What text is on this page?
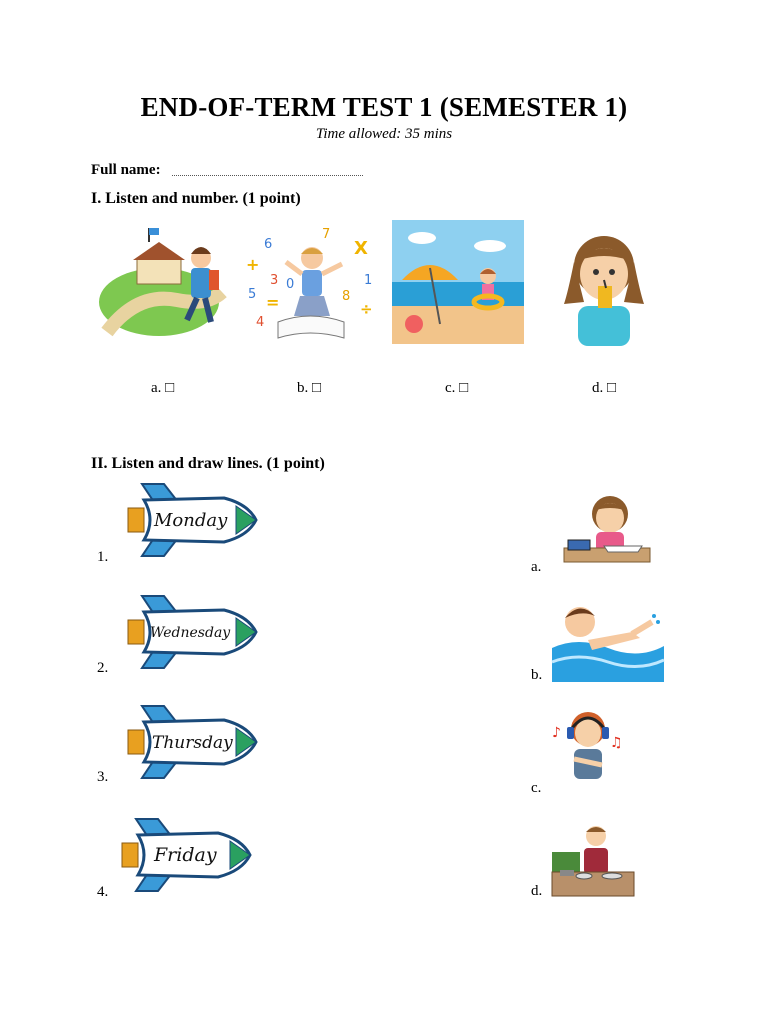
END-OF-TERM TEST 1 (SEMESTER 1)
Time allowed: 35 mins
Full name:
I. Listen and number. (1 point)
6
7
X
+
3 0
5
1
8
=	÷
4
a. □	b. □	c. □	d. □
II. Listen and draw lines. (1 point)
Monday
1.
Wednesday
2.
Thursday
3.
Friday
4.
a.
b.
♪
♫
c.
d.
